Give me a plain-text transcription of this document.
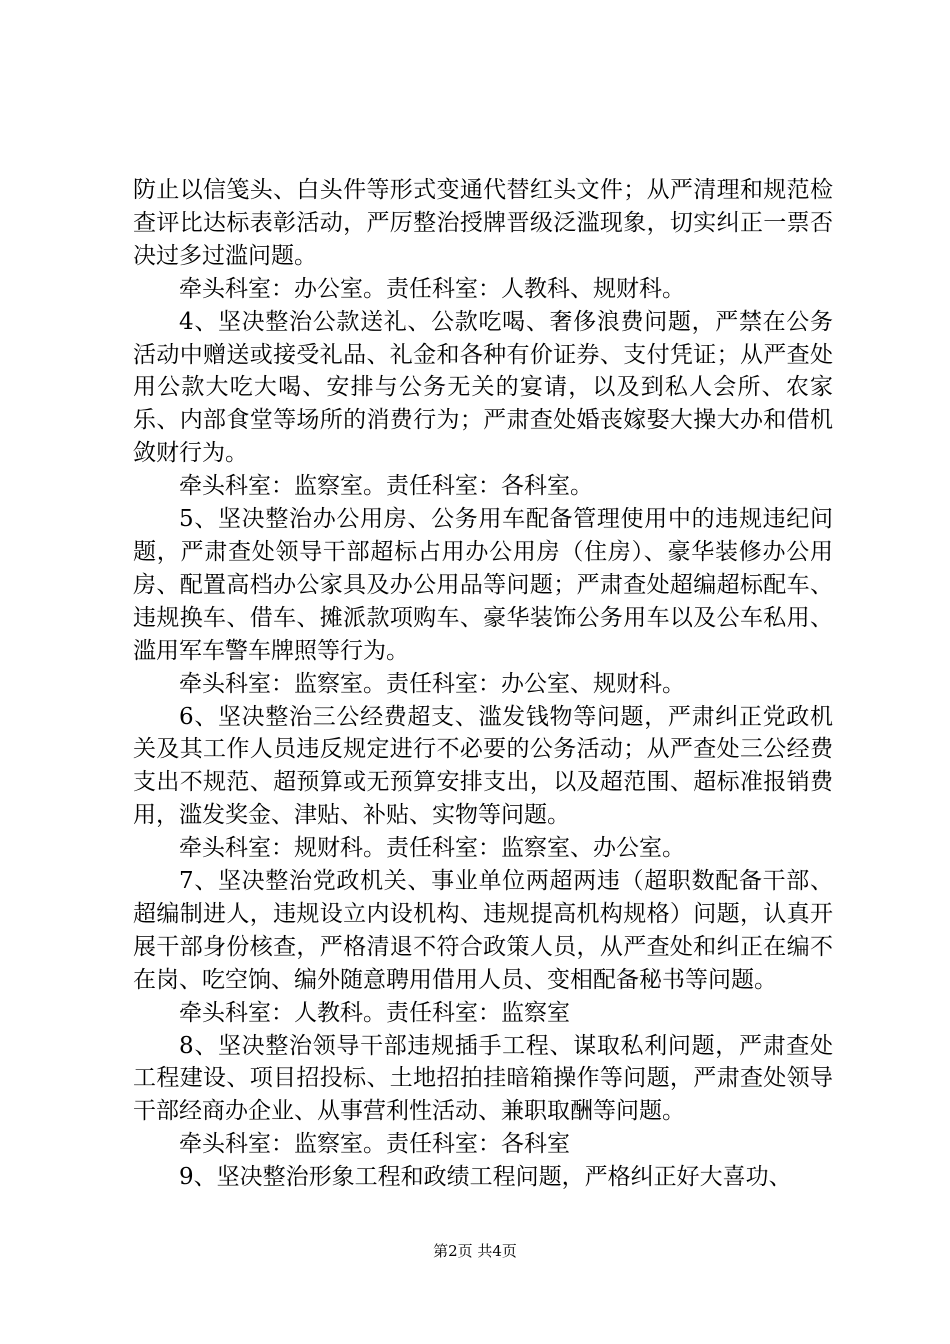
防止以信笺头、白头件等形式变通代替红头文件；从严清理和规范检查评比达标表彰活动，严厉整治授牌晋级泛滥现象，切实纠正一票否决过多过滥问题。

牵头科室：办公室。责任科室：人教科、规财科。

4、坚决整治公款送礼、公款吃喝、奢侈浪费问题，严禁在公务活动中赠送或接受礼品、礼金和各种有价证券、支付凭证；从严查处用公款大吃大喝、安排与公务无关的宴请，以及到私人会所、农家乐、内部食堂等场所的消费行为；严肃查处婚丧嫁娶大操大办和借机敛财行为。

牵头科室：监察室。责任科室：各科室。

5、坚决整治办公用房、公务用车配备管理使用中的违规违纪问题，严肃查处领导干部超标占用办公用房（住房）、豪华装修办公用房、配置高档办公家具及办公用品等问题；严肃查处超编超标配车、违规换车、借车、摊派款项购车、豪华装饰公务用车以及公车私用、滥用军车警车牌照等行为。

牵头科室：监察室。责任科室：办公室、规财科。

6、坚决整治三公经费超支、滥发钱物等问题，严肃纠正党政机关及其工作人员违反规定进行不必要的公务活动；从严查处三公经费支出不规范、超预算或无预算安排支出，以及超范围、超标准报销费用，滥发奖金、津贴、补贴、实物等问题。

牵头科室：规财科。责任科室：监察室、办公室。

7、坚决整治党政机关、事业单位两超两违（超职数配备干部、超编制进人，违规设立内设机构、违规提高机构规格）问题，认真开展干部身份核查，严格清退不符合政策人员，从严查处和纠正在编不在岗、吃空饷、编外随意聘用借用人员、变相配备秘书等问题。

牵头科室：人教科。责任科室：监察室

8、坚决整治领导干部违规插手工程、谋取私利问题，严肃查处工程建设、项目招投标、土地招拍挂暗箱操作等问题，严肃查处领导干部经商办企业、从事营利性活动、兼职取酬等问题。

牵头科室：监察室。责任科室：各科室

9、坚决整治形象工程和政绩工程问题，严格纠正好大喜功、

第2页 共4页
